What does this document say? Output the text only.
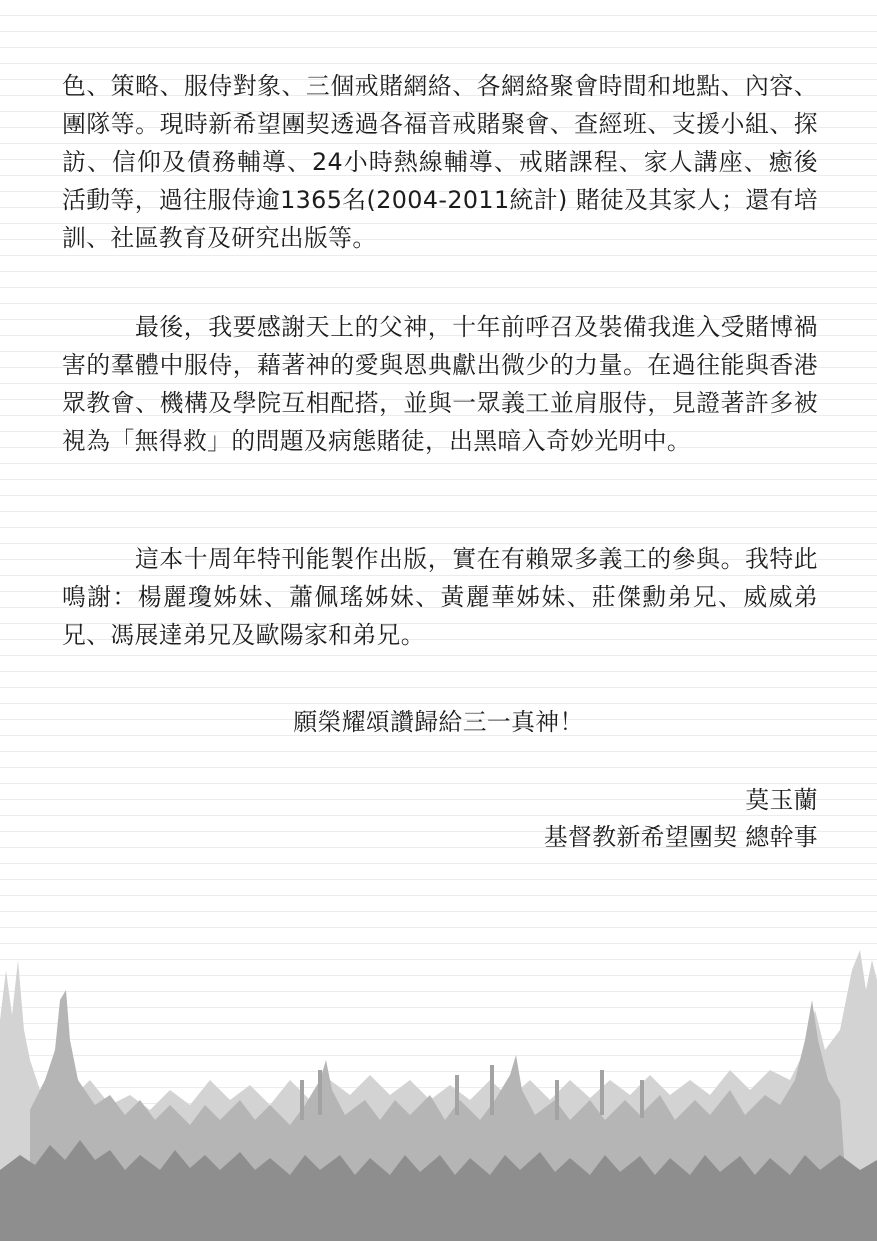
色、策略、服侍對象、三個戒賭網絡、各網絡聚會時間和地點、內容、團隊等。現時新希望團契透過各福音戒賭聚會、查經班、支援小組、探訪、信仰及債務輔導、24小時熱線輔導、戒賭課程、家人講座、癒後活動等，過往服侍逾1365名(2004-2011統計) 賭徒及其家人；還有培訓、社區教育及研究出版等。

最後，我要感謝天上的父神，十年前呼召及裝備我進入受賭博禍害的羣體中服侍，藉著神的愛與恩典獻出微少的力量。在過往能與香港眾教會、機構及學院互相配搭，並與一眾義工並肩服侍，見證著許多被視為「無得救」的問題及病態賭徒，出黑暗入奇妙光明中。

這本十周年特刊能製作出版，實在有賴眾多義工的參與。我特此鳴謝：楊麗瓊姊妹、蕭佩瑤姊妹、黃麗華姊妹、莊傑勳弟兄、威威弟兄、馮展達弟兄及歐陽家和弟兄。

願榮耀頌讚歸給三一真神！
莫玉蘭
基督教新希望團契 總幹事
